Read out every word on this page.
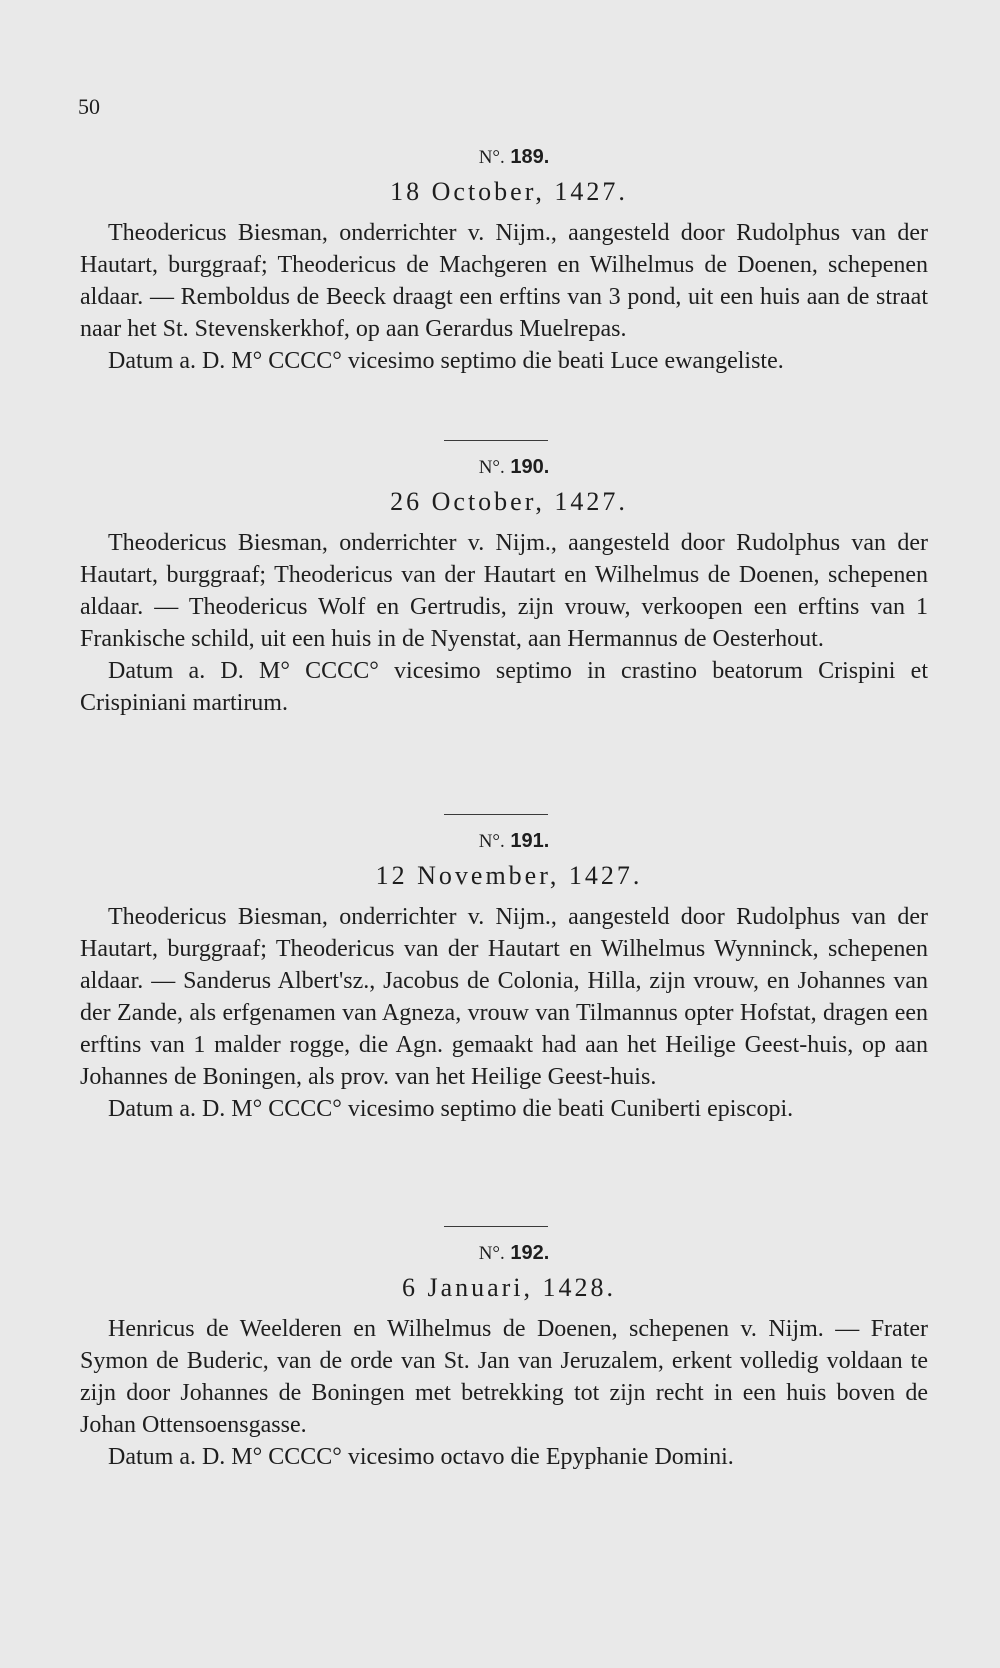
50
N°. 189.
18 October, 1427.
Theodericus Biesman, onderrichter v. Nijm., aangesteld door Rudolphus van der Hautart, burggraaf; Theodericus de Machgeren en Wilhelmus de Doenen, schepenen aldaar. — Remboldus de Beeck draagt een erftins van 3 pond, uit een huis aan de straat naar het St. Stevenskerkhof, op aan Gerardus Muelrepas.
Datum a. D. M° CCCC° vicesimo septimo die beati Luce ewangeliste.
N°. 190.
26 October, 1427.
Theodericus Biesman, onderrichter v. Nijm., aangesteld door Rudolphus van der Hautart, burggraaf; Theodericus van der Hautart en Wilhelmus de Doenen, schepenen aldaar. — Theodericus Wolf en Gertrudis, zijn vrouw, verkoopen een erftins van 1 Frankische schild, uit een huis in de Nyenstat, aan Hermannus de Oesterhout.
Datum a. D. M° CCCC° vicesimo septimo in crastino beatorum Crispini et Crispiniani martirum.
N°. 191.
12 November, 1427.
Theodericus Biesman, onderrichter v. Nijm., aangesteld door Rudolphus van der Hautart, burggraaf; Theodericus van der Hautart en Wilhelmus Wynninck, schepenen aldaar. — Sanderus Albert'sz., Jacobus de Colonia, Hilla, zijn vrouw, en Johannes van der Zande, als erfgenamen van Agneza, vrouw van Tilmannus opter Hofstat, dragen een erftins van 1 malder rogge, die Agn. gemaakt had aan het Heilige Geest-huis, op aan Johannes de Boningen, als prov. van het Heilige Geest-huis.
Datum a. D. M° CCCC° vicesimo septimo die beati Cuniberti episcopi.
N°. 192.
6 Januari, 1428.
Henricus de Weelderen en Wilhelmus de Doenen, schepenen v. Nijm. — Frater Symon de Buderic, van de orde van St. Jan van Jeruzalem, erkent volledig voldaan te zijn door Johannes de Boningen met betrekking tot zijn recht in een huis boven de Johan Ottensoensgasse.
Datum a. D. M° CCCC° vicesimo octavo die Epyphanie Domini.
